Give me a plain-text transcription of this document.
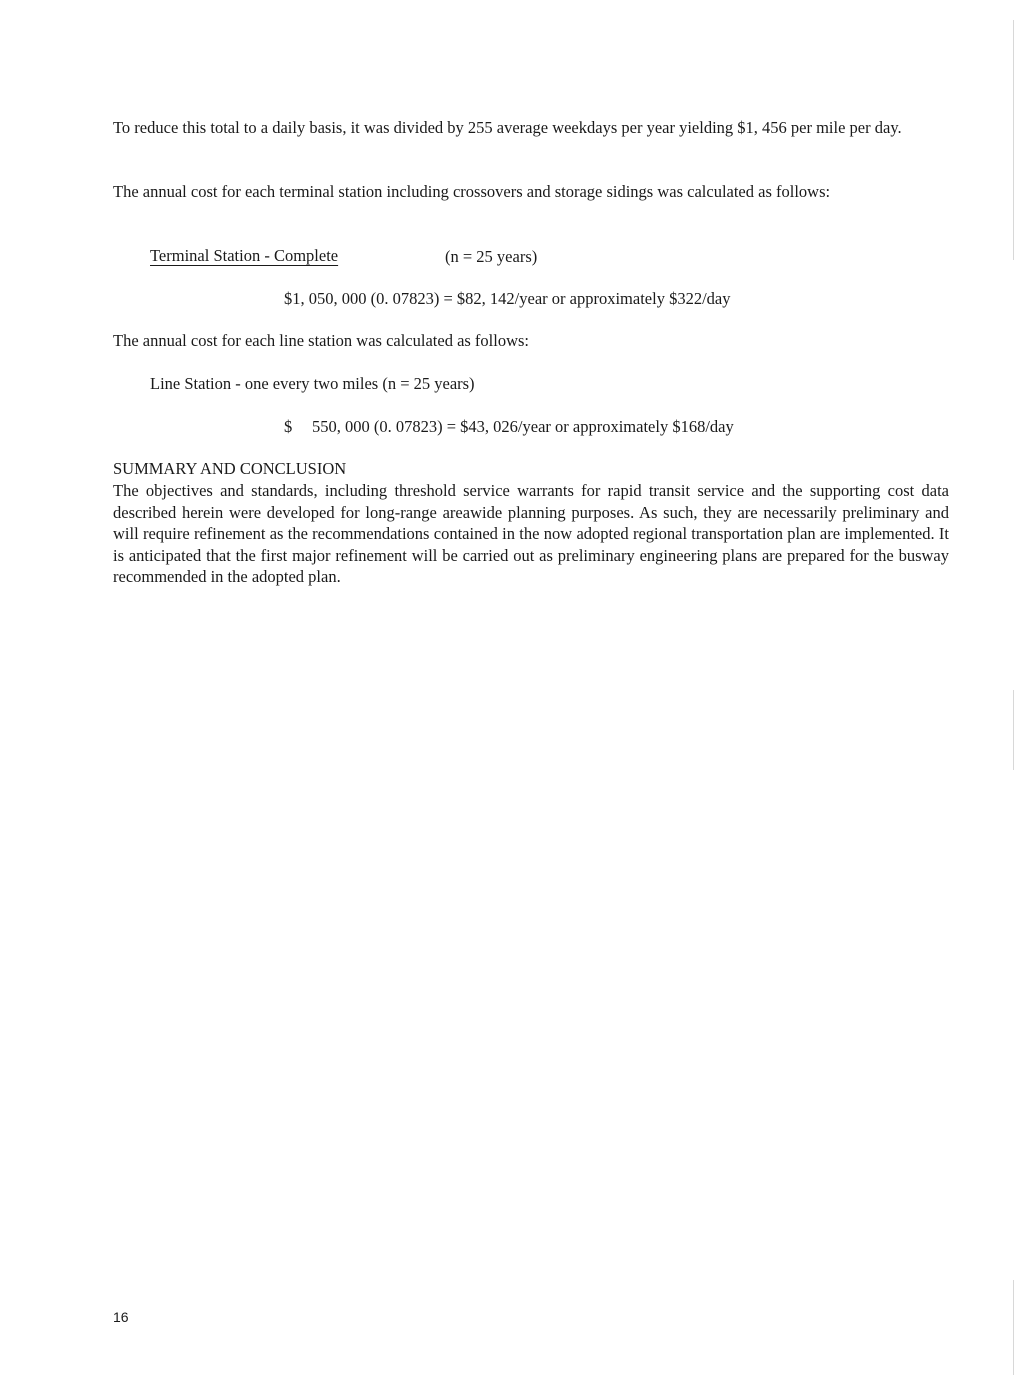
To reduce this total to a daily basis, it was divided by 255 average weekdays per year yielding $1, 456 per mile per day.
The annual cost for each terminal station including crossovers and storage sidings was calculated as follows:
Terminal Station - Complete	(n = 25 years)
$1, 050, 000 (0. 07823) = $82, 142/year or approximately $322/day
The annual cost for each line station was calculated as follows:
Line Station - one every two miles (n = 25 years)
$ 550, 000 (0. 07823) = $43, 026/year or approximately $168/day
SUMMARY AND CONCLUSION
The objectives and standards, including threshold service warrants for rapid transit service and the supporting cost data described herein were developed for long-range areawide planning purposes. As such, they are necessarily preliminary and will require refinement as the recommendations contained in the now adopted regional transportation plan are implemented. It is anticipated that the first major refinement will be carried out as preliminary engineering plans are prepared for the busway recommended in the adopted plan.
16
